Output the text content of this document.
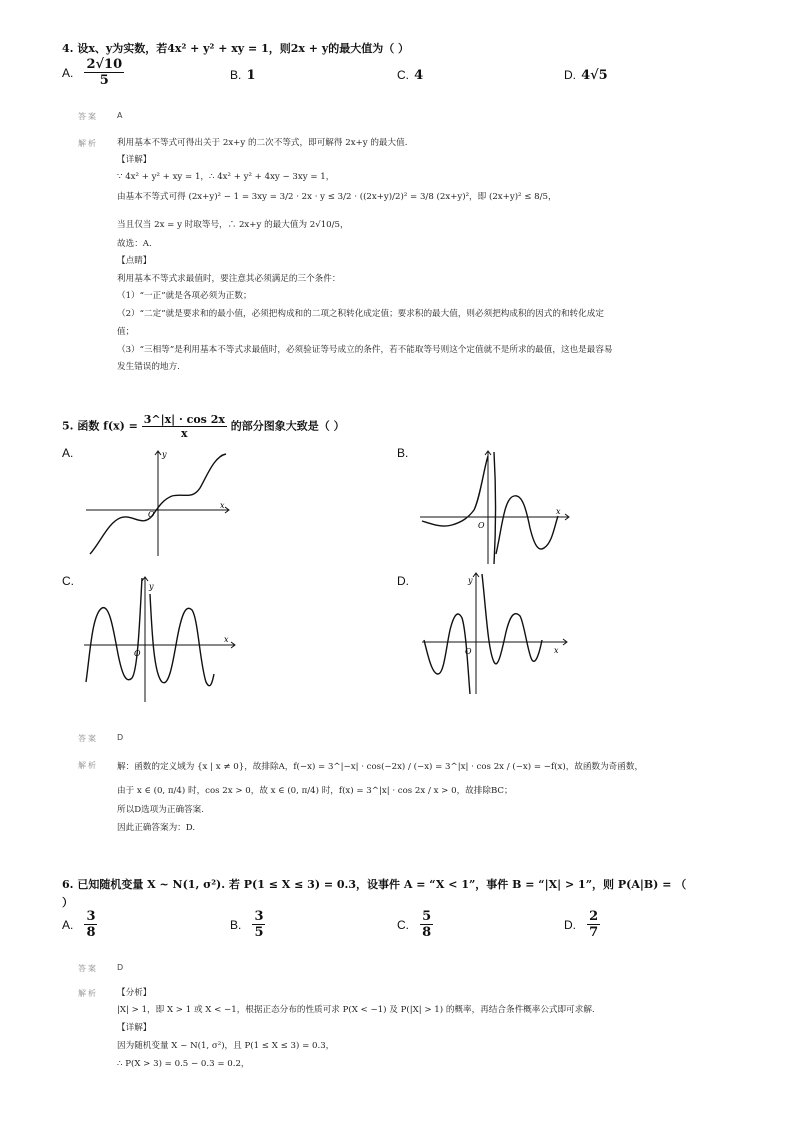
4. 设x、y为实数，若4x² + y² + xy = 1，则2x + y的最大值为（ ）
A. $\frac{2√10}{5}$	B. 1	C. 4	D. 4√5
答案 A
解析 利用基本不等式可得出关于 2x+y 的二次不等式，即可解得 2x+y 的最大值.
【详解】
∵ 4x² + y² + xy = 1，∴ 4x² + y² + 4xy − 3xy = 1，
由基本不等式可得 (2x+y)² − 1 = 3xy = 3/2 · 2x · y ≤ 3/2 · ((2x+y)/2)² = 3/8 (2x+y)²，即 (2x+y)² ≤ 8/5，
当且仅当 2x = y 时取等号，∴ 2x+y 的最大值为 2√10/5，
故选：A.
【点睛】
利用基本不等式求最值时，要注意其必须满足的三个条件：
（1）“一正”就是各项必须为正数；
（2）“二定”就是要求和的最小值，必须把构成和的二项之积转化成定值；要求积的最大值，则必须把构成积的因式的和转化成定
值；
（3）“三相等”是利用基本不等式求最值时，必须验证等号成立的条件，若不能取等号则这个定值就不是所求的最值，这也是最容易
发生错误的地方.
5. 函数 $f(x) = \frac{3\^{}|x| \cdot \cos 2x}{x}$ 的部分图象大致是（ ）
A.	B.
C.	D.
y
x
O
O
x
y
x
O
y
x
O
答案 D
解析 解：函数的定义域为 {x | x ≠ 0}，故排除A，f(−x) = 3^|−x| · cos(−2x) / (−x) = 3^|x| · cos 2x / (−x) = −f(x)，故函数为奇函数，
由于 x ∈ (0, π/4) 时，cos 2x > 0，故 x ∈ (0, π/4) 时，f(x) = 3^|x| · cos 2x / x > 0，故排除BC；
所以D选项为正确答案.
因此正确答案为：D.
6. 已知随机变量 X ~ N(1, σ²). 若 P(1 ≤ X ≤ 3) = 0.3，设事件 A = “X < 1”，事件 B = “|X| > 1”，则 P(A|B) = （
）
A. $\frac{3}{8}$	B. $\frac{3}{5}$	C. $\frac{5}{8}$	D. $\frac{2}{7}$
答案 D
解析 【分析】
|X| > 1，即 X > 1 或 X < −1，根据正态分布的性质可求 P(X < −1) 及 P(|X| > 1) 的概率，再结合条件概率公式即可求解.
【详解】
因为随机变量 X ~ N(1, σ²)，且 P(1 ≤ X ≤ 3) = 0.3，
∴ P(X > 3) = 0.5 − 0.3 = 0.2，
